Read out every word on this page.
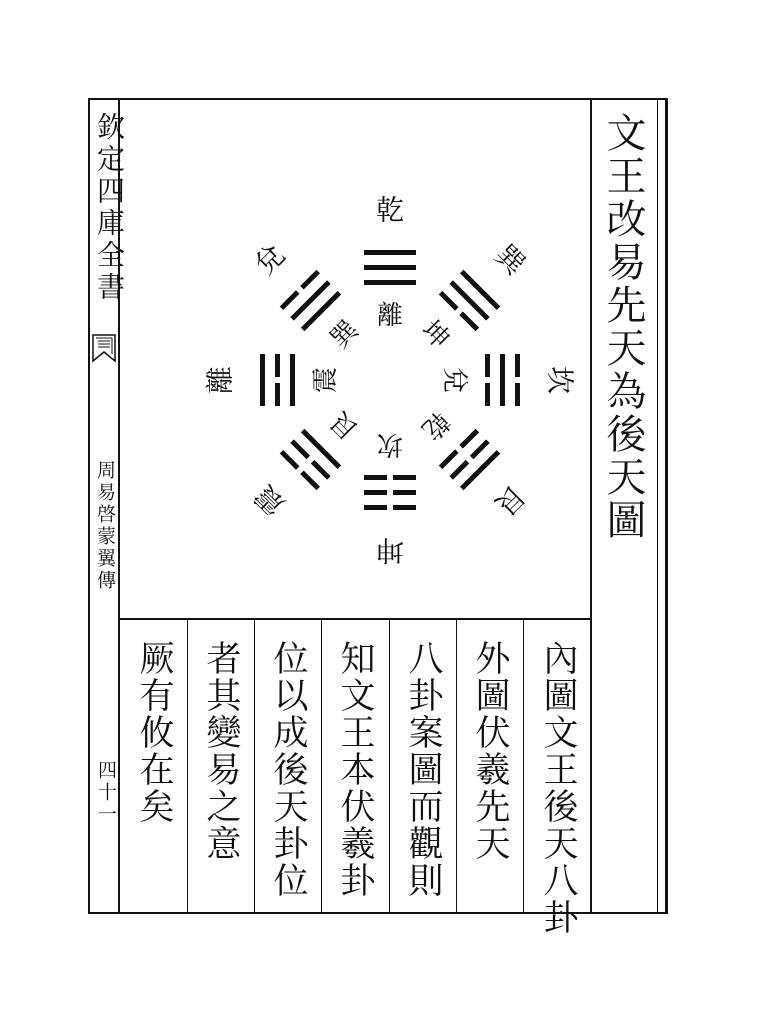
欽定四庫全書
周易啓蒙翼傳
四十一
文王改易先天為後天圖
乾
巽
坎
艮
坤
震
離
兌
離 坤
兌
乾
坎
艮
震
巽
內圖文王後天八卦
外圖伏羲先天
八卦案圖而觀則
知文王本伏羲卦
位以成後天卦位
者其變易之意
厥有攸在矣
